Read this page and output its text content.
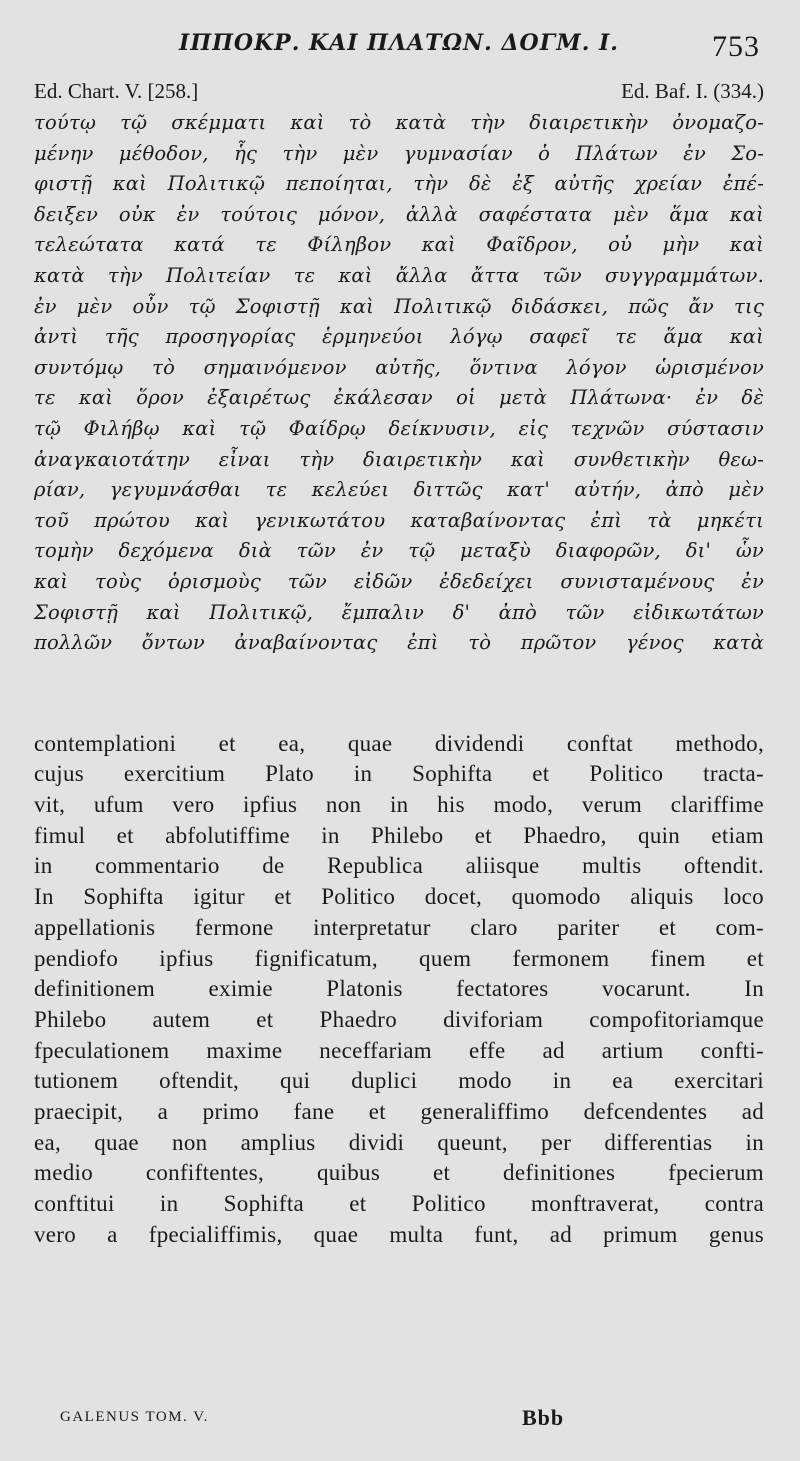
ΙΠΠΟΚΡ. ΚΑΙ ΠΛΑΤΩΝ. ΔΟΓΜ. Ι.	753
Ed. Chart. V. [258.]	Ed. Baf. I. (334.)
τούτῳ τῷ σκέμματι καὶ τὸ κατὰ τὴν διαιρετικὴν ὀνομαζο-
μένην μέθοδον, ἧς τὴν μὲν γυμνασίαν ὁ Πλάτων ἐν Σο-
φιστῇ καὶ Πολιτικῷ πεποίηται, τὴν δὲ ἐξ αὐτῆς χρείαν ἐπέ-
δειξεν οὐκ ἐν τούτοις μόνον, ἀλλὰ σαφέστατα μὲν ἅμα καὶ
τελεώτατα κατά τε Φίληβον καὶ Φαῖδρον, οὐ μὴν καὶ
κατὰ τὴν Πολιτείαν τε καὶ ἄλλα ἄττα τῶν συγγραμμάτων.
ἐν μὲν οὖν τῷ Σοφιστῇ καὶ Πολιτικῷ διδάσκει, πῶς ἄν τις
ἀντὶ τῆς προσηγορίας ἑρμηνεύοι λόγῳ σαφεῖ τε ἅμα καὶ
συντόμῳ τὸ σημαινόμενον αὐτῆς, ὅντινα λόγον ὡρισμένον
τε καὶ ὅρον ἐξαιρέτως ἐκάλεσαν οἱ μετὰ Πλάτωνα· ἐν δὲ
τῷ Φιλήβῳ καὶ τῷ Φαίδρῳ δείκνυσιν, εἰς τεχνῶν σύστασιν
ἀναγκαιοτάτην εἶναι τὴν διαιρετικὴν καὶ συνθετικὴν θεω-
ρίαν, γεγυμνάσθαι τε κελεύει διττῶς κατ' αὐτήν, ἀπὸ μὲν
τοῦ πρώτου καὶ γενικωτάτου καταβαίνοντας ἐπὶ τὰ μηκέτι
τομὴν δεχόμενα διὰ τῶν ἐν τῷ μεταξὺ διαφορῶν, δι' ὧν
καὶ τοὺς ὁρισμοὺς τῶν εἰδῶν ἐδεδείχει συνισταμένους ἐν
Σοφιστῇ καὶ Πολιτικῷ, ἔμπαλιν δ' ἀπὸ τῶν εἰδικωτάτων
πολλῶν ὄντων ἀναβαίνοντας ἐπὶ τὸ πρῶτον γένος κατὰ
contemplationi et ea, quae dividendi conftat methodo,
cujus exercitium Plato in Sophifta et Politico tracta-
vit, ufum vero ipfius non in his modo, verum clariffime
fimul et abfolutiffime in Philebo et Phaedro, quin etiam
in commentario de Republica aliisque multis oftendit.
In Sophifta igitur et Politico docet, quomodo aliquis loco
appellationis fermone interpretatur claro pariter et com-
pendiofo ipfius fignificatum, quem fermonem finem et
definitionem eximie Platonis fectatores vocarunt. In
Philebo autem et Phaedro diviforiam compofitoriamque
fpeculationem maxime neceffariam effe ad artium confti-
tutionem oftendit, qui duplici modo in ea exercitari
praecipit, a primo fane et generaliffimo defcendentes ad
ea, quae non amplius dividi queunt, per differentias in
medio confiftentes, quibus et definitiones fpecierum
conftitui in Sophifta et Politico monftraverat, contra
vero a fpecialiffimis, quae multa funt, ad primum genus
GALENUS TOM. V.	Bbb
